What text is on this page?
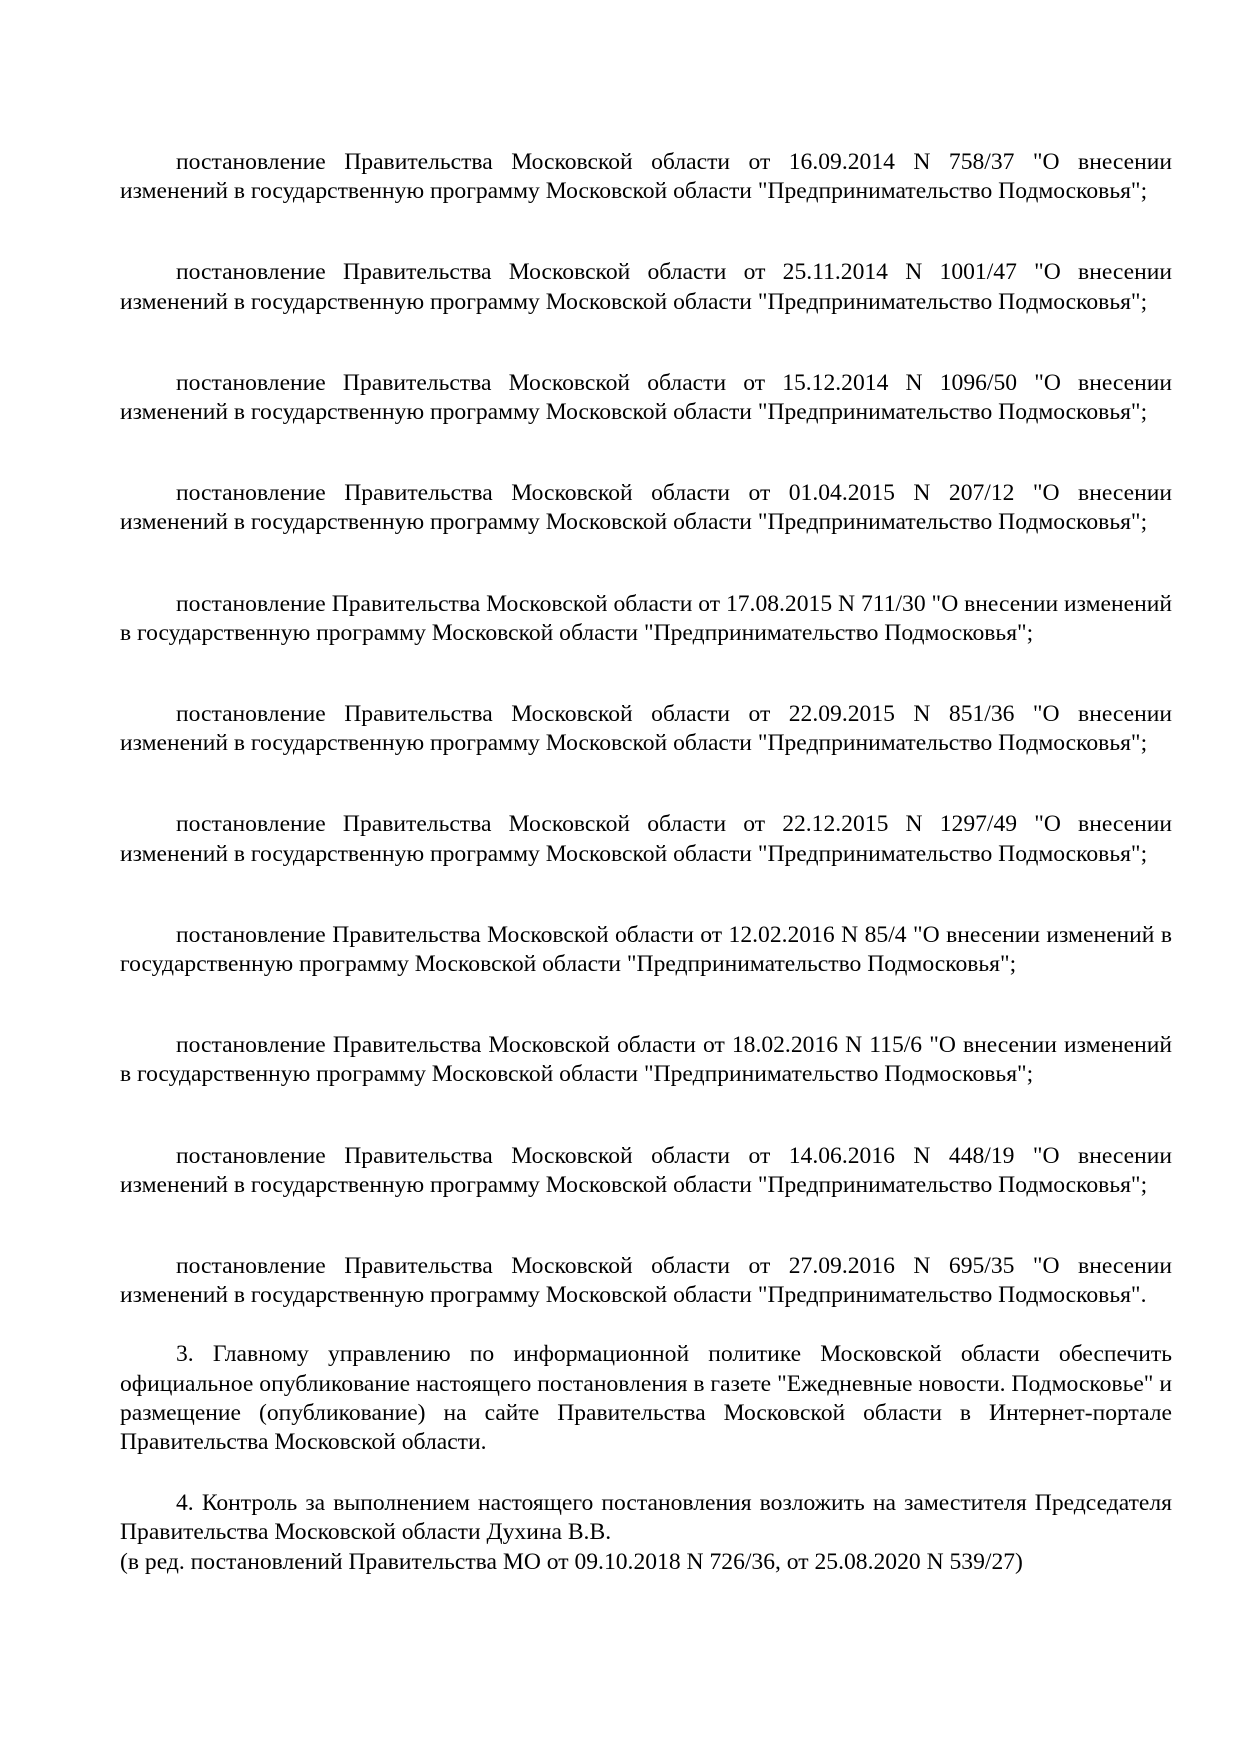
постановление Правительства Московской области от 16.09.2014 N 758/37 "О внесении изменений в государственную программу Московской области "Предпринимательство Подмосковья";

постановление Правительства Московской области от 25.11.2014 N 1001/47 "О внесении изменений в государственную программу Московской области "Предпринимательство Подмосковья";

постановление Правительства Московской области от 15.12.2014 N 1096/50 "О внесении изменений в государственную программу Московской области "Предпринимательство Подмосковья";

постановление Правительства Московской области от 01.04.2015 N 207/12 "О внесении изменений в государственную программу Московской области "Предпринимательство Подмосковья";

постановление Правительства Московской области от 17.08.2015 N 711/30 "О внесении изменений в государственную программу Московской области "Предпринимательство Подмосковья";

постановление Правительства Московской области от 22.09.2015 N 851/36 "О внесении изменений в государственную программу Московской области "Предпринимательство Подмосковья";

постановление Правительства Московской области от 22.12.2015 N 1297/49 "О внесении изменений в государственную программу Московской области "Предпринимательство Подмосковья";

постановление Правительства Московской области от 12.02.2016 N 85/4 "О внесении изменений в государственную программу Московской области "Предпринимательство Подмосковья";

постановление Правительства Московской области от 18.02.2016 N 115/6 "О внесении изменений в государственную программу Московской области "Предпринимательство Подмосковья";

постановление Правительства Московской области от 14.06.2016 N 448/19 "О внесении изменений в государственную программу Московской области "Предпринимательство Подмосковья";

постановление Правительства Московской области от 27.09.2016 N 695/35 "О внесении изменений в государственную программу Московской области "Предпринимательство Подмосковья".

3. Главному управлению по информационной политике Московской области обеспечить официальное опубликование настоящего постановления в газете "Ежедневные новости. Подмосковье" и размещение (опубликование) на сайте Правительства Московской области в Интернет-портале Правительства Московской области.

4. Контроль за выполнением настоящего постановления возложить на заместителя Председателя Правительства Московской области Духина В.В.

(в ред. постановлений Правительства МО от 09.10.2018 N 726/36, от 25.08.2020 N 539/27)
